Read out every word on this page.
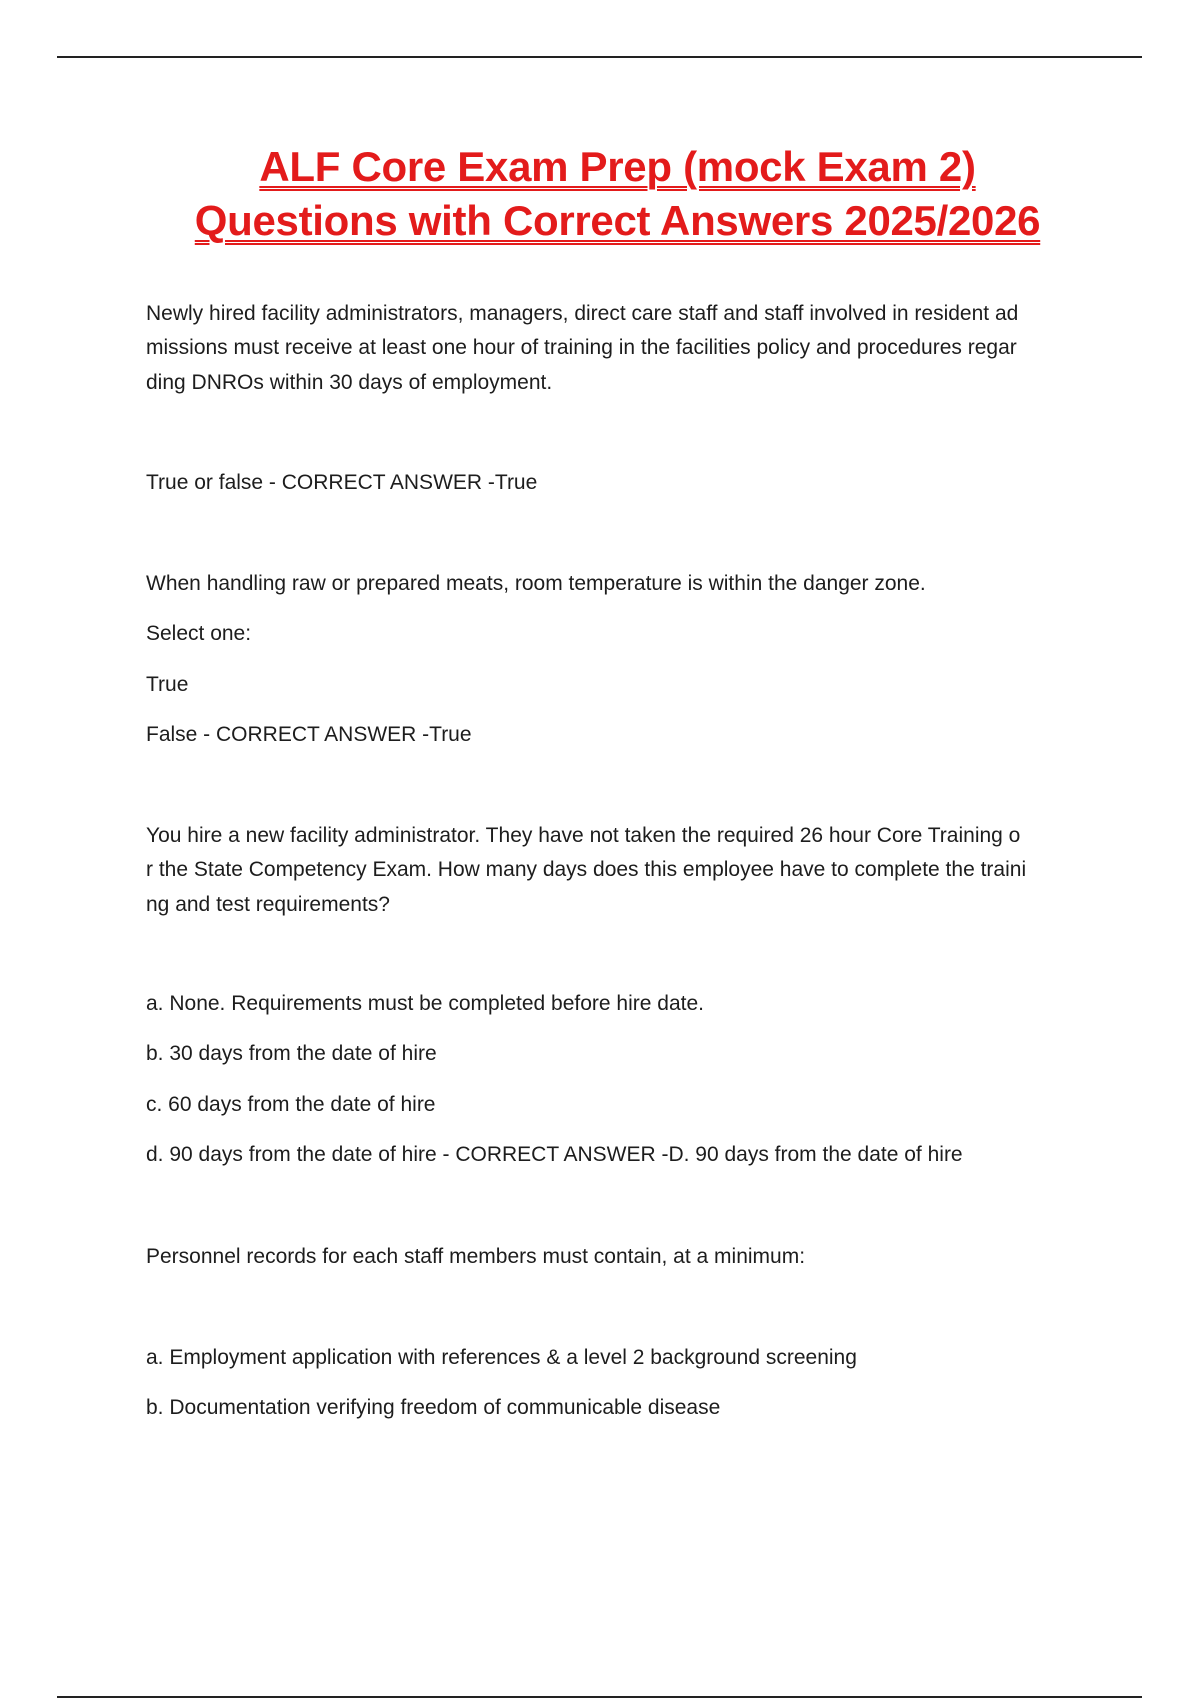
ALF Core Exam Prep (mock Exam 2)
Questions with Correct Answers 2025/2026

Newly hired facility administrators, managers, direct care staff and staff involved in resident ad

missions must receive at least one hour of training in the facilities policy and procedures regar

ding DNROs within 30 days of employment.

True or false - CORRECT ANSWER -True

When handling raw or prepared meats, room temperature is within the danger zone.

Select one:

True

False - CORRECT ANSWER -True

You hire a new facility administrator. They have not taken the required 26 hour Core Training o

r the State Competency Exam. How many days does this employee have to complete the traini

ng and test requirements?

a. None. Requirements must be completed before hire date.

b. 30 days from the date of hire

c. 60 days from the date of hire

d. 90 days from the date of hire - CORRECT ANSWER -D. 90 days from the date of hire

Personnel records for each staff members must contain, at a minimum:

a. Employment application with references & a level 2 background screening

b. Documentation verifying freedom of communicable disease
